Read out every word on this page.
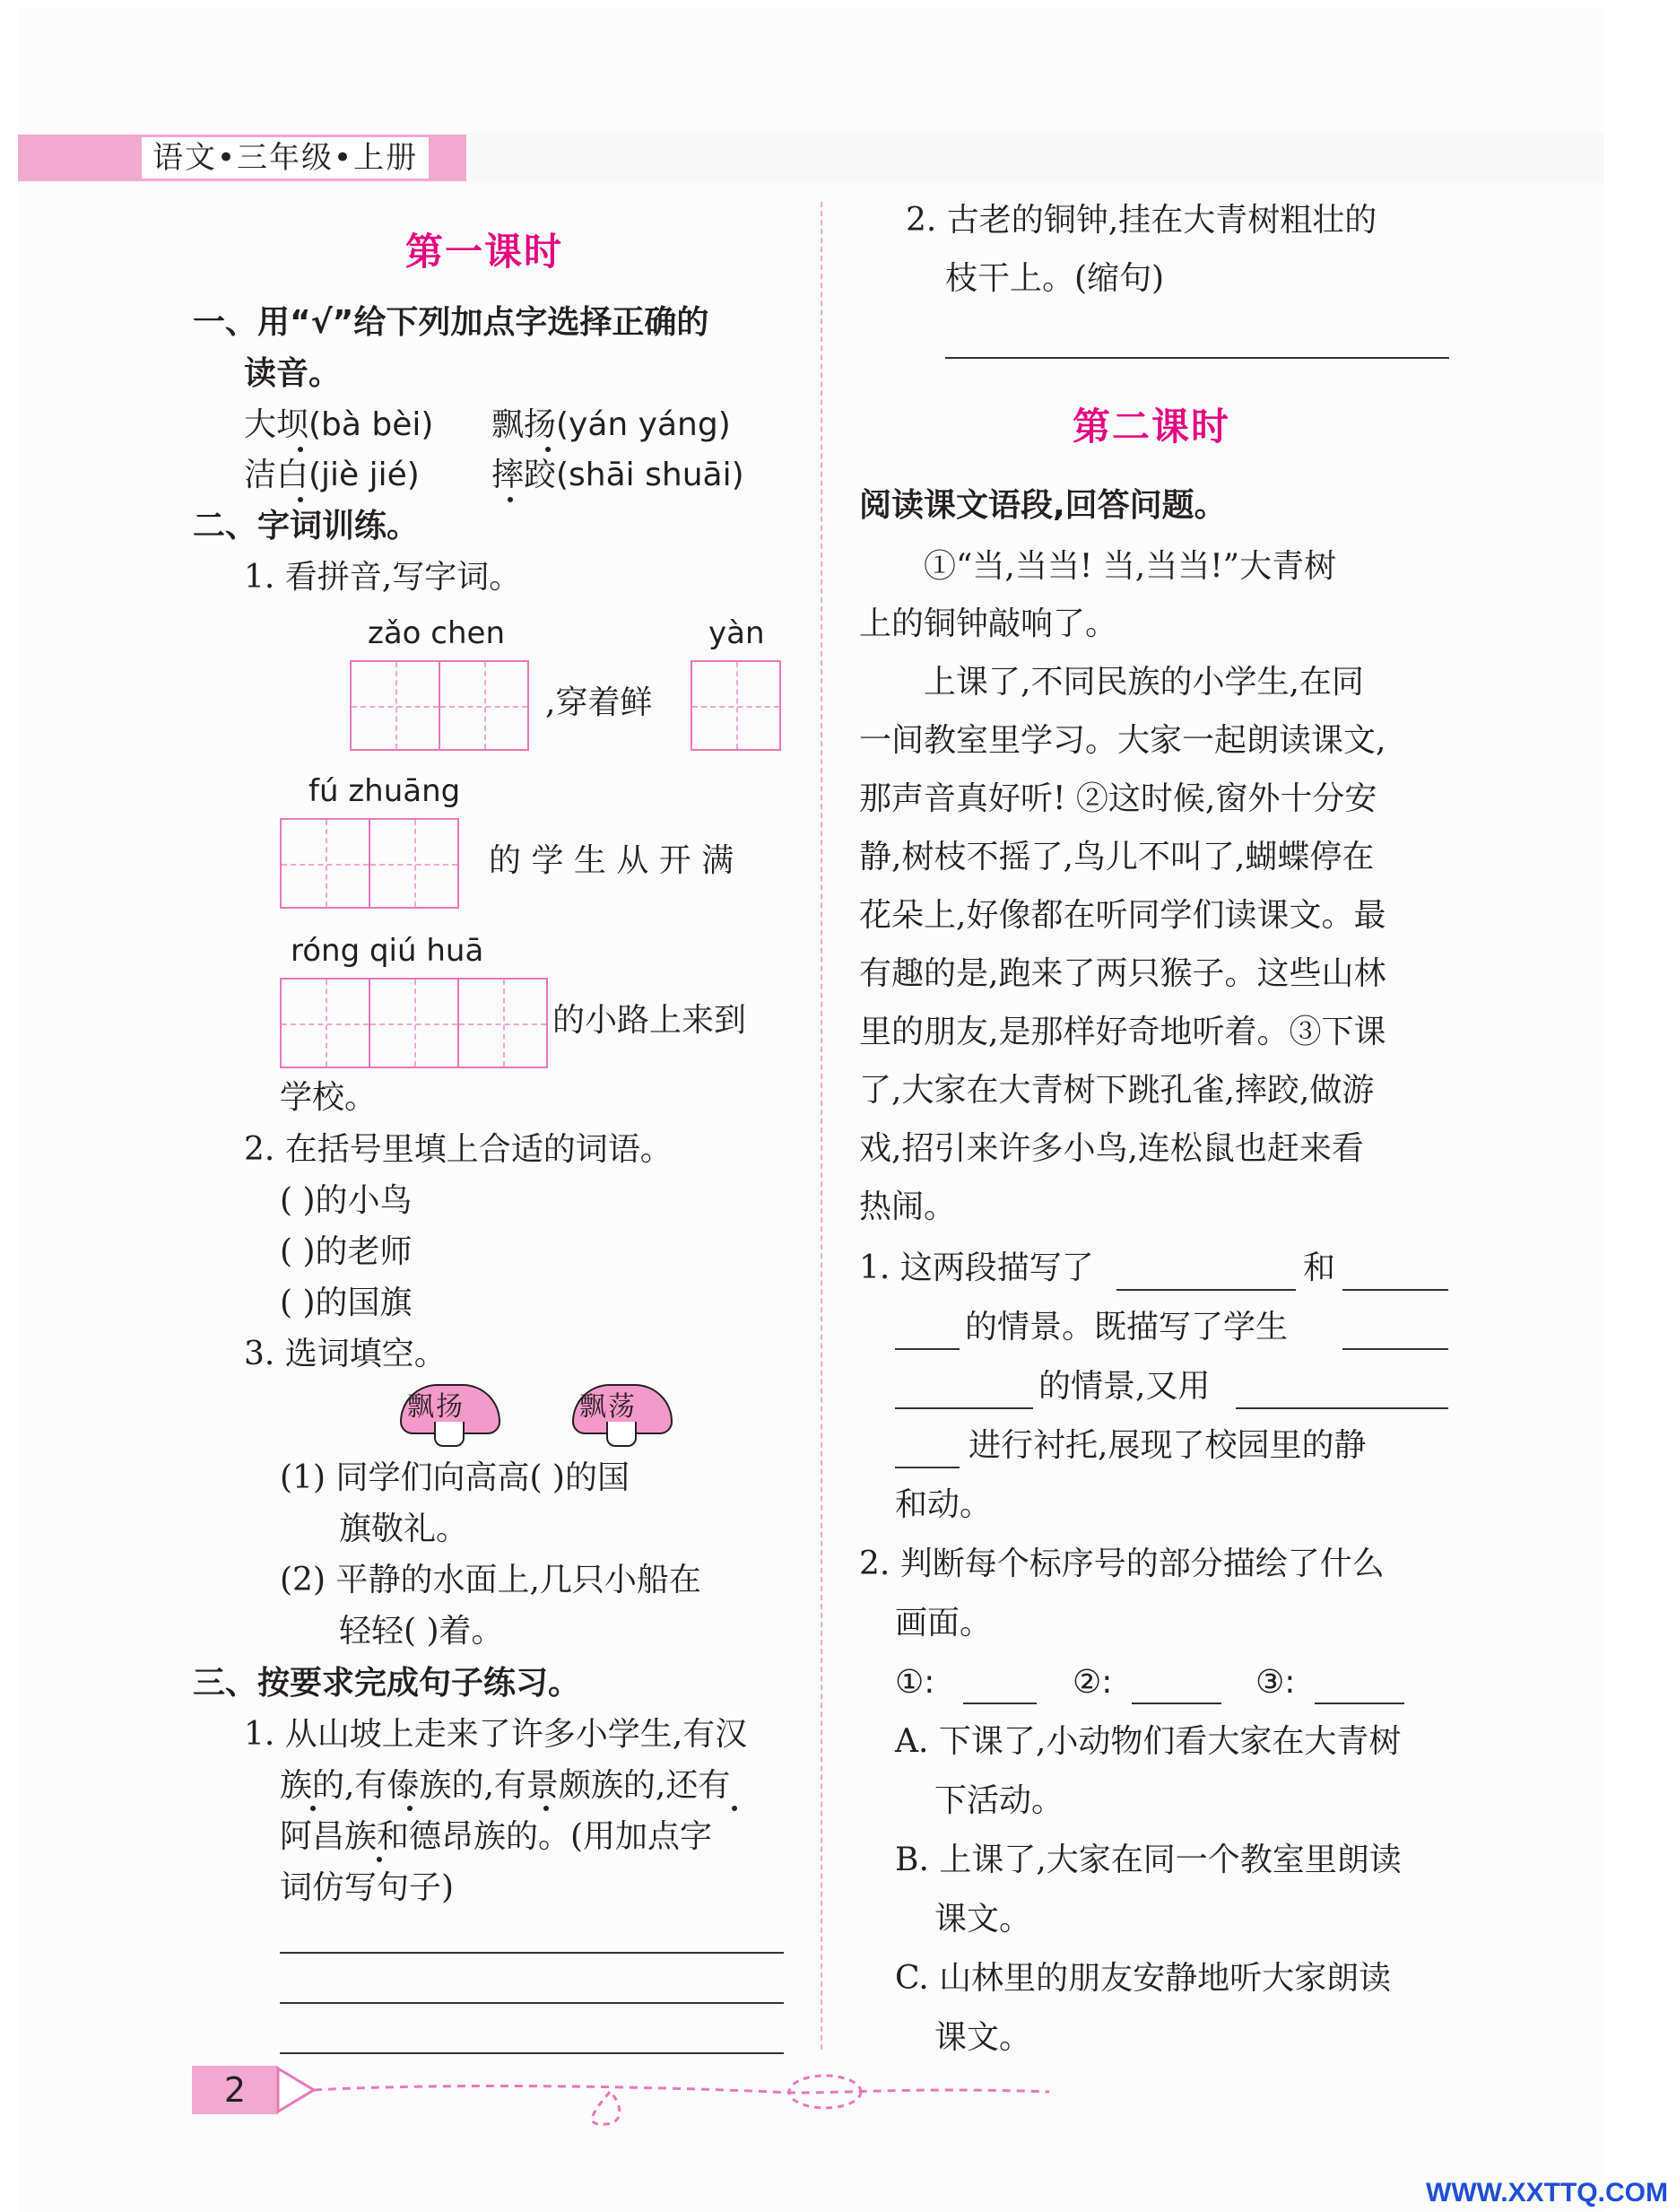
语文•三年级•上册
第一课时
一、用“√”给下列加点字选择正确的
读音。
大坝(bà bèi) 飘扬(yán yáng)
洁白(jiè jié) 摔跤(shāi shuāi)
二、字词训练。
1. 看拼音,写字词。
zǎo chen	yàn
,穿着鲜
fú zhuāng
的 学 生 从 开 满
róng qiú huā
的小路上来到
学校。
2. 在括号里填上合适的词语。
( )的小鸟
( )的老师
( )的国旗
3. 选词填空。
飘扬	飘荡
(1) 同学们向高高( )的国
旗敬礼。
(2) 平静的水面上,几只小船在
轻轻( )着。
三、按要求完成句子练习。
1. 从山坡上走来了许多小学生,有汉
族的,有傣族的,有景颇族的,还有
阿昌族和德昂族的。(用加点字
词仿写句子)
2. 古老的铜钟,挂在大青树粗壮的
枝干上。(缩句)
第二课时
阅读课文语段,回答问题。
①“当,当当! 当,当当!”大青树
上的铜钟敲响了。
上课了,不同民族的小学生,在同
一间教室里学习。大家一起朗读课文,
那声音真好听! ②这时候,窗外十分安
静,树枝不摇了,鸟儿不叫了,蝴蝶停在
花朵上,好像都在听同学们读课文。最
有趣的是,跑来了两只猴子。这些山林
里的朋友,是那样好奇地听着。③下课
了,大家在大青树下跳孔雀,摔跤,做游
戏,招引来许多小鸟,连松鼠也赶来看
热闹。
1. 这两段描写了	和
的情景。既描写了学生
的情景,又用
进行衬托,展现了校园里的静
和动。
2. 判断每个标序号的部分描绘了什么
画面。
①:	②:	③:
A. 下课了,小动物们看大家在大青树
下活动。
B. 上课了,大家在同一个教室里朗读
课文。
C. 山林里的朋友安静地听大家朗读
课文。
2
WWW.XXTTQ.COM
